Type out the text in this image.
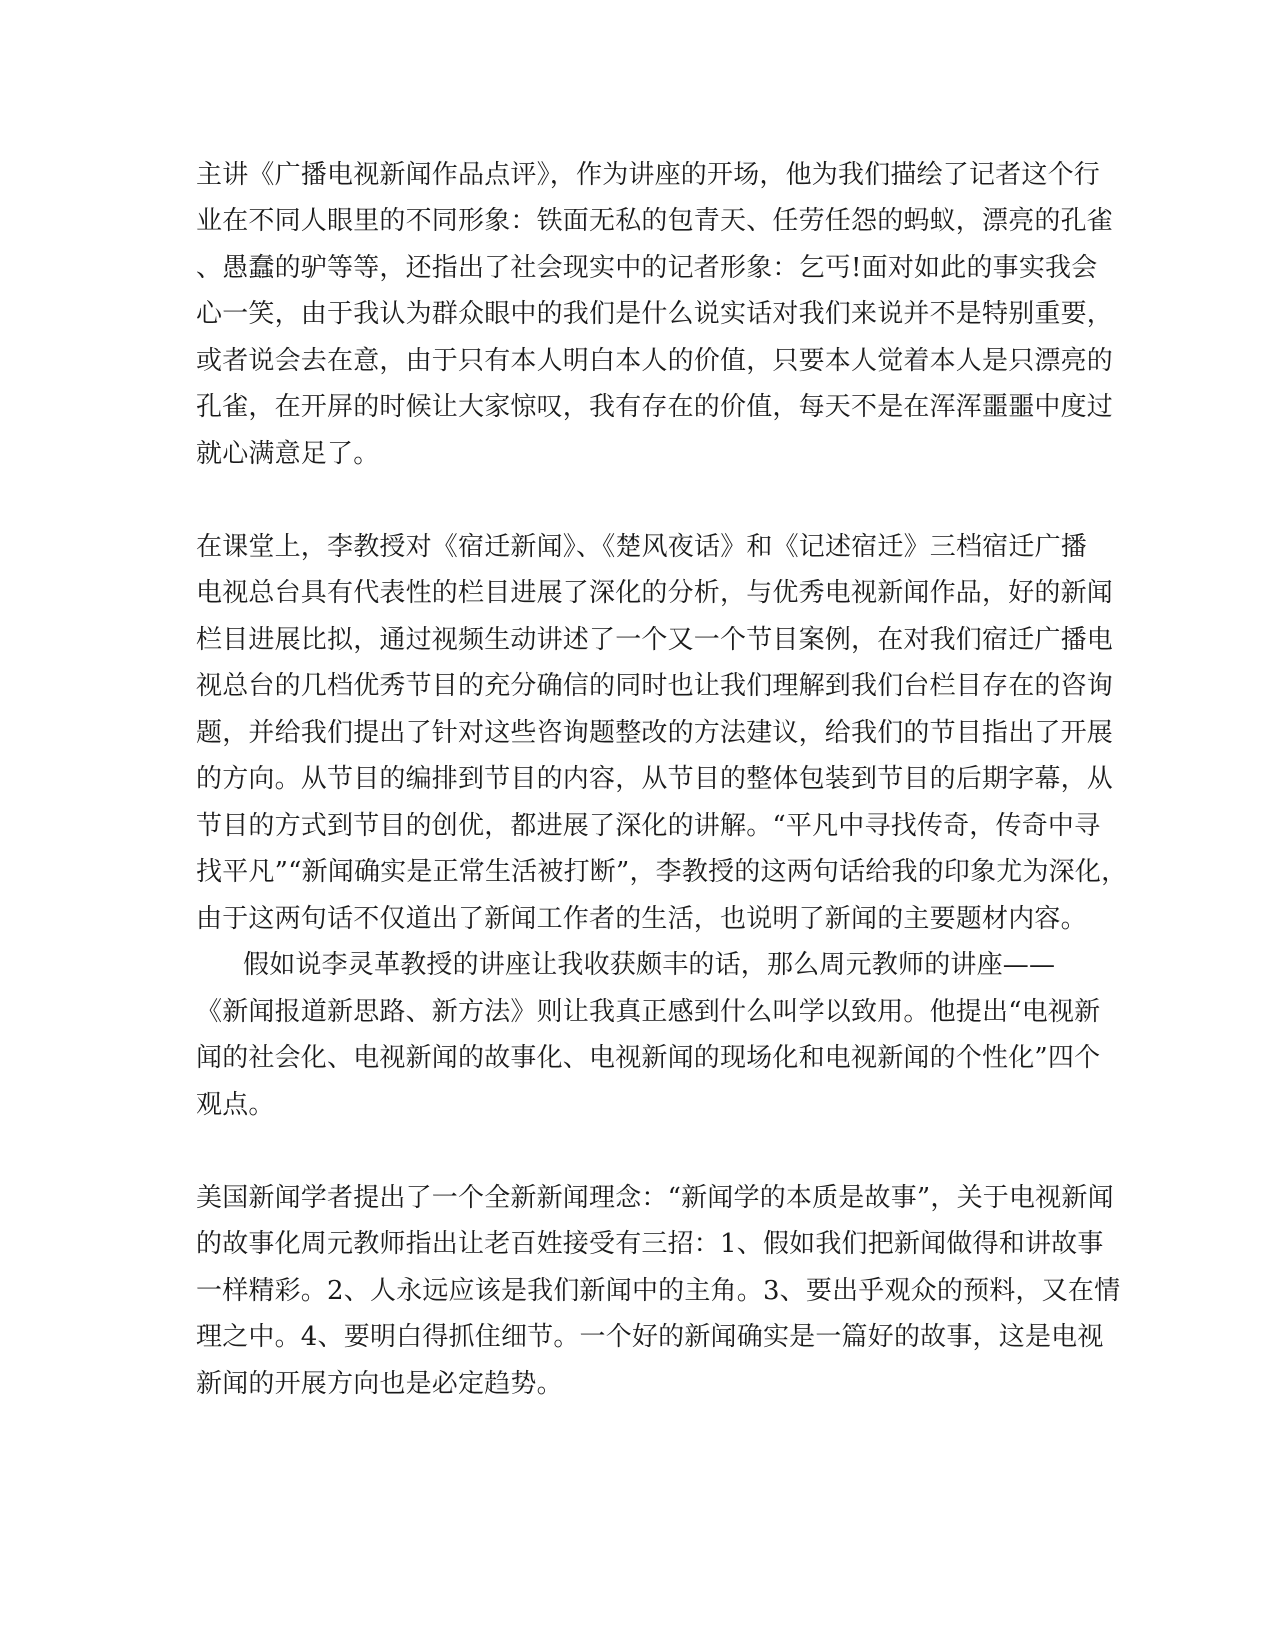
主讲《广播电视新闻作品点评》，作为讲座的开场，他为我们描绘了记者这个行
业在不同人眼里的不同形象：铁面无私的包青天、任劳任怨的蚂蚁，漂亮的孔雀
、愚蠢的驴等等，还指出了社会现实中的记者形象：乞丐!面对如此的事实我会
心一笑，由于我认为群众眼中的我们是什么说实话对我们来说并不是特别重要，
或者说会去在意，由于只有本人明白本人的价值，只要本人觉着本人是只漂亮的
孔雀，在开屏的时候让大家惊叹，我有存在的价值，每天不是在浑浑噩噩中度过
就心满意足了。
在课堂上，李教授对《宿迁新闻》、《楚风夜话》和《记述宿迁》三档宿迁广播
电视总台具有代表性的栏目进展了深化的分析，与优秀电视新闻作品，好的新闻
栏目进展比拟，通过视频生动讲述了一个又一个节目案例，在对我们宿迁广播电
视总台的几档优秀节目的充分确信的同时也让我们理解到我们台栏目存在的咨询
题，并给我们提出了针对这些咨询题整改的方法建议，给我们的节目指出了开展
的方向。从节目的编排到节目的内容，从节目的整体包装到节目的后期字幕，从
节目的方式到节目的创优，都进展了深化的讲解。“平凡中寻找传奇，传奇中寻
找平凡”“新闻确实是正常生活被打断”，李教授的这两句话给我的印象尤为深化，
由于这两句话不仅道出了新闻工作者的生活，也说明了新闻的主要题材内容。
假如说李灵革教授的讲座让我收获颇丰的话，那么周元教师的讲座——
《新闻报道新思路、新方法》则让我真正感到什么叫学以致用。他提出“电视新
闻的社会化、电视新闻的故事化、电视新闻的现场化和电视新闻的个性化”四个
观点。
美国新闻学者提出了一个全新新闻理念：“新闻学的本质是故事”，关于电视新闻
的故事化周元教师指出让老百姓接受有三招：1、假如我们把新闻做得和讲故事
一样精彩。2、人永远应该是我们新闻中的主角。3、要出乎观众的预料，又在情
理之中。4、要明白得抓住细节。一个好的新闻确实是一篇好的故事，这是电视
新闻的开展方向也是必定趋势。
